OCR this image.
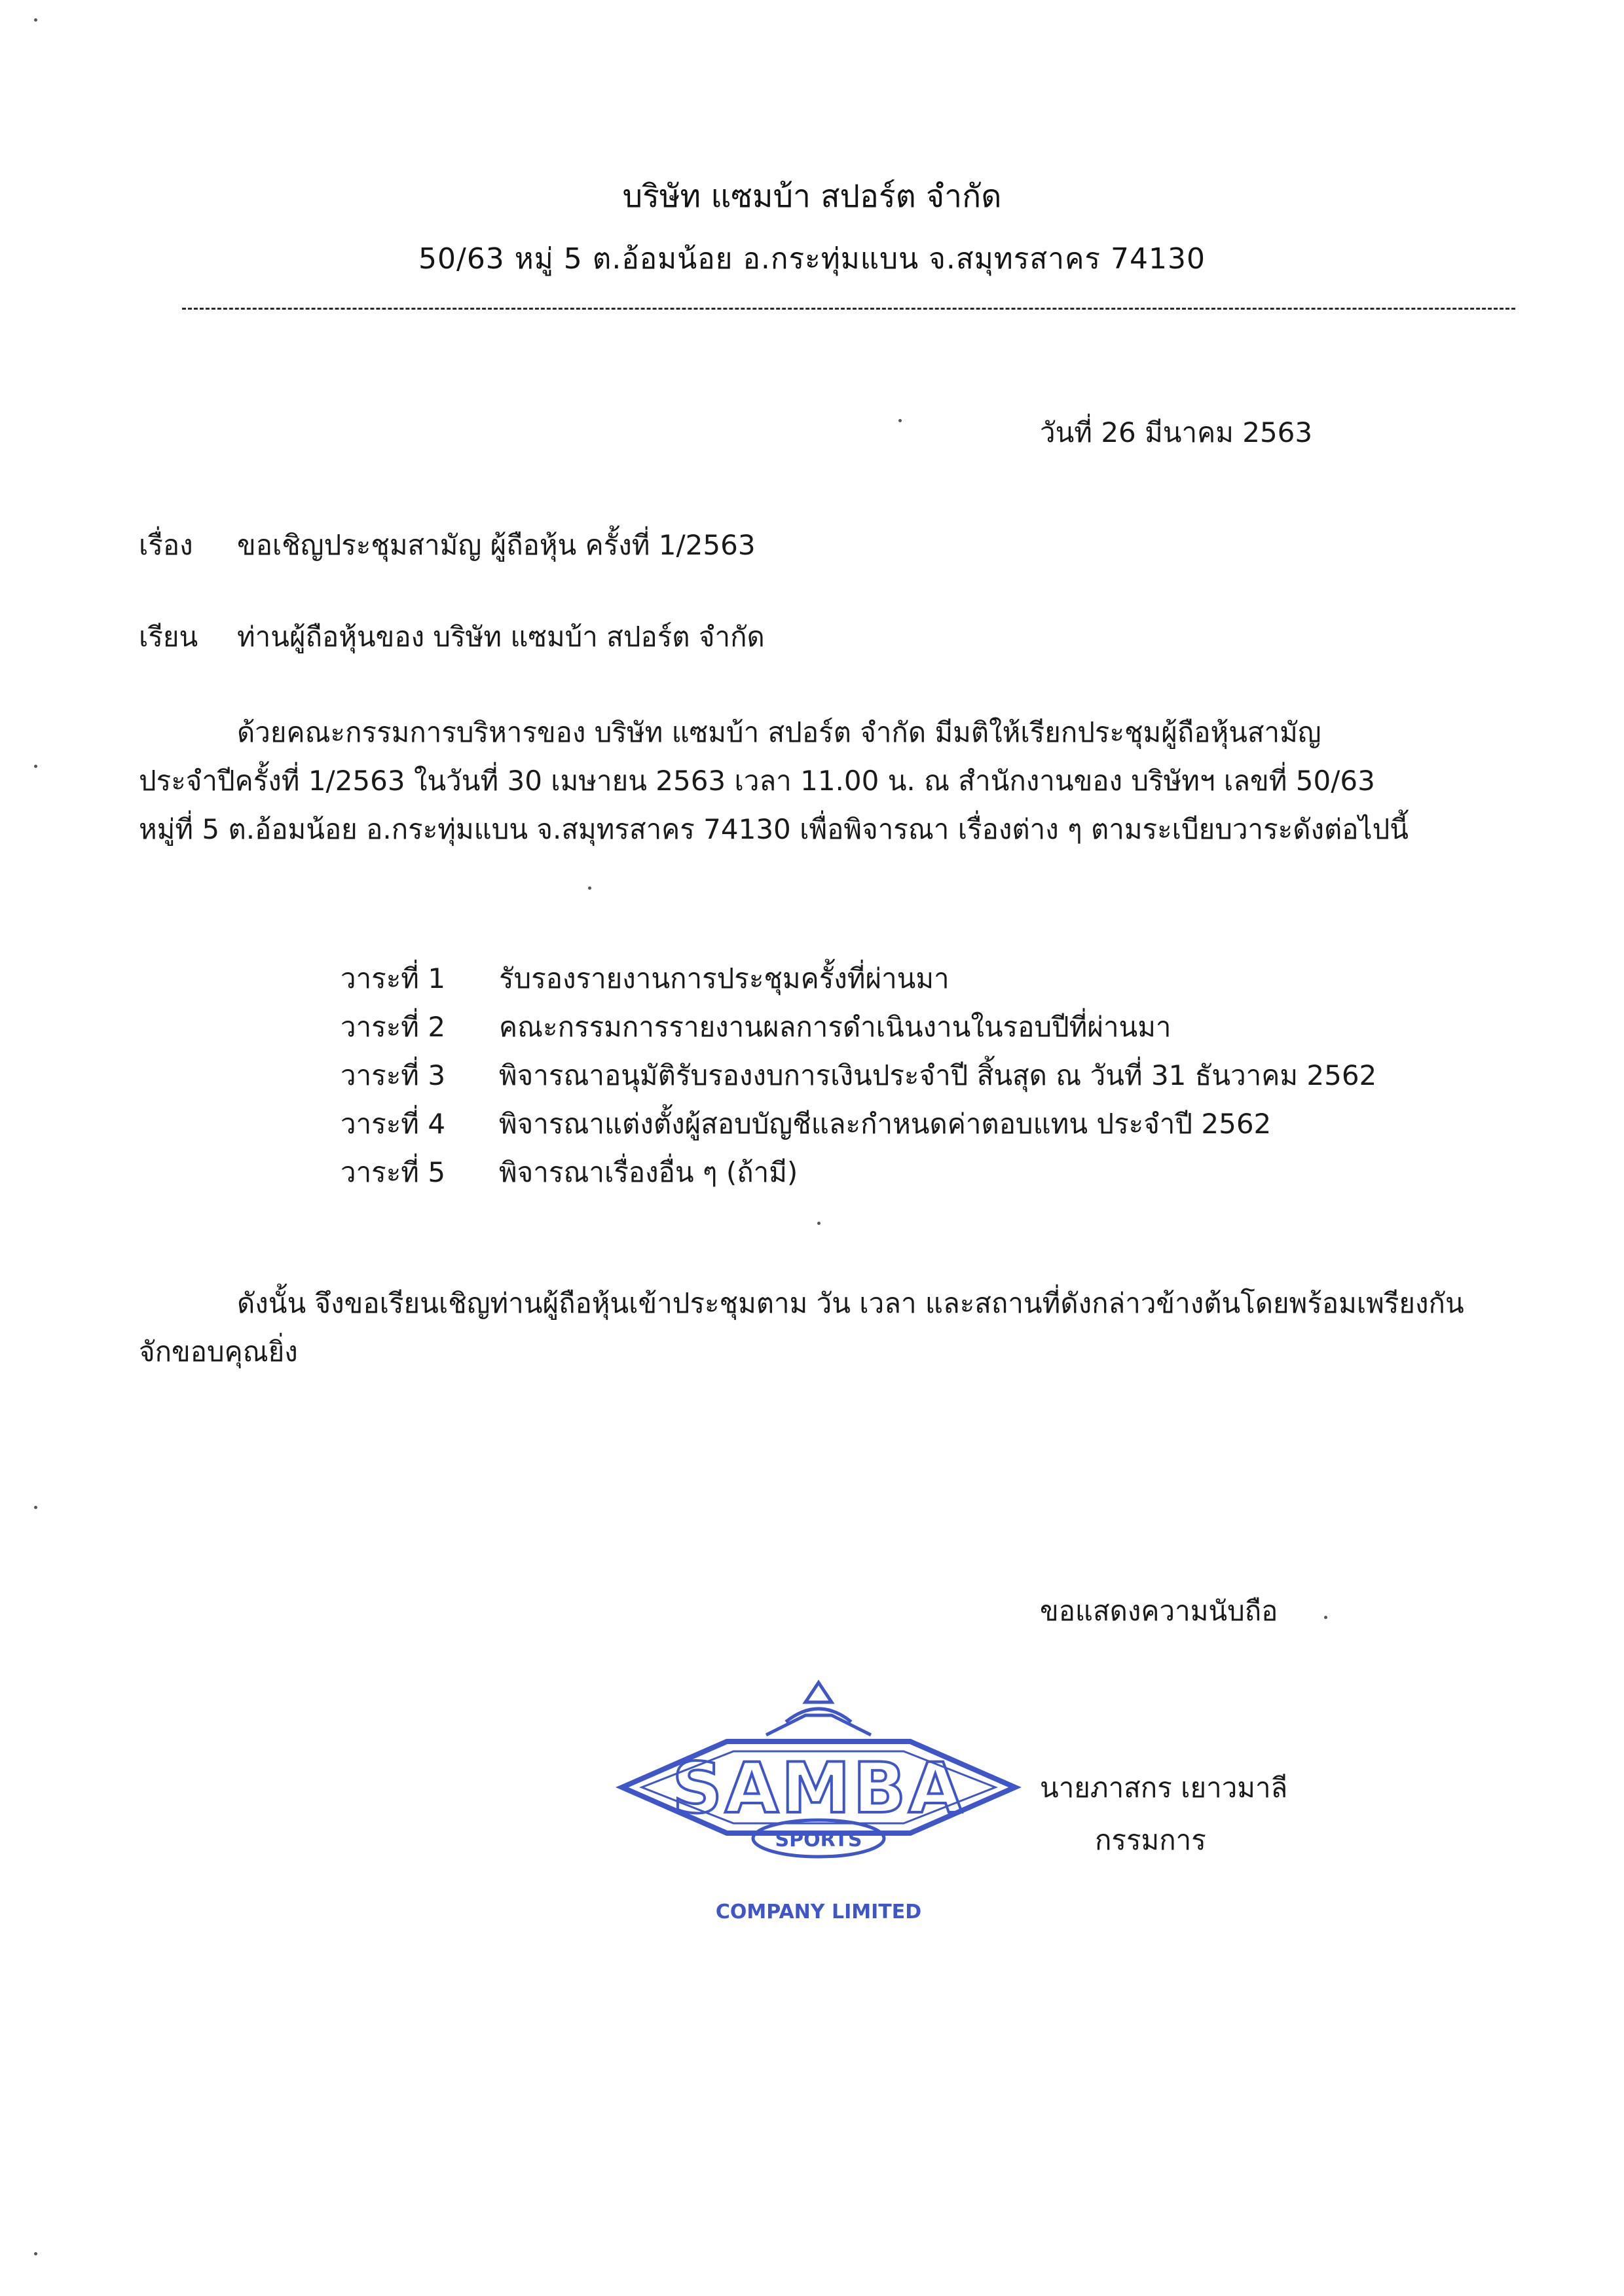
บริษัท แซมบ้า สปอร์ต จำกัด
50/63 หมู่ 5 ต.อ้อมน้อย อ.กระทุ่มแบน จ.สมุทรสาคร 74130
วันที่ 26 มีนาคม 2563
เรื่อง ขอเชิญประชุมสามัญ ผู้ถือหุ้น ครั้งที่ 1/2563
เรียน ท่านผู้ถือหุ้นของ บริษัท แซมบ้า สปอร์ต จำกัด
ด้วยคณะกรรมการบริหารของ บริษัท แซมบ้า สปอร์ต จำกัด มีมติให้เรียกประชุมผู้ถือหุ้นสามัญ
ประจำปีครั้งที่ 1/2563 ในวันที่ 30 เมษายน 2563 เวลา 11.00 น. ณ สำนักงานของ บริษัทฯ เลขที่ 50/63
หมู่ที่ 5 ต.อ้อมน้อย อ.กระทุ่มแบน จ.สมุทรสาคร 74130 เพื่อพิจารณา เรื่องต่าง ๆ ตามระเบียบวาระดังต่อไปนี้
วาระที่ 1 รับรองรายงานการประชุมครั้งที่ผ่านมา
วาระที่ 2 คณะกรรมการรายงานผลการดำเนินงานในรอบปีที่ผ่านมา
วาระที่ 3 พิจารณาอนุมัติรับรองงบการเงินประจำปี สิ้นสุด ณ วันที่ 31 ธันวาคม 2562
วาระที่ 4 พิจารณาแต่งตั้งผู้สอบบัญชีและกำหนดค่าตอบแทน ประจำปี 2562
วาระที่ 5 พิจารณาเรื่องอื่น ๆ (ถ้ามี)
ดังนั้น จึงขอเรียนเชิญท่านผู้ถือหุ้นเข้าประชุมตาม วัน เวลา และสถานที่ดังกล่าวข้างต้นโดยพร้อมเพรียงกัน
จักขอบคุณยิ่ง
ขอแสดงความนับถือ
SAMBA
SPORTS
COMPANY LIMITED
นายภาสกร เยาวมาลี
กรรมการ
